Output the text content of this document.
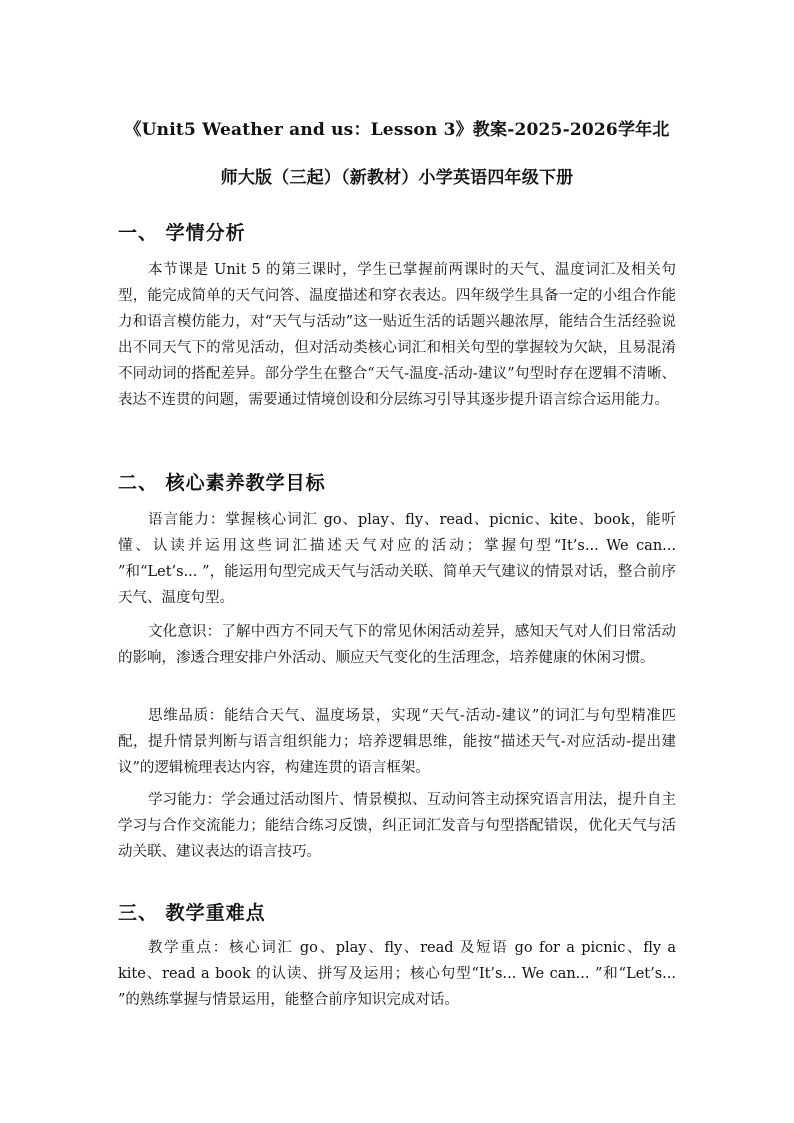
《Unit5 Weather and us：Lesson 3》教案-2025-2026学年北师大版（三起）（新教材）小学英语四年级下册
一、 学情分析
本节课是 Unit 5 的第三课时，学生已掌握前两课时的天气、温度词汇及相关句型，能完成简单的天气问答、温度描述和穿衣表达。四年级学生具备一定的小组合作能力和语言模仿能力，对“天气与活动”这一贴近生活的话题兴趣浓厚，能结合生活经验说出不同天气下的常见活动，但对活动类核心词汇和相关句型的掌握较为欠缺，且易混淆不同动词的搭配差异。部分学生在整合“天气-温度-活动-建议”句型时存在逻辑不清晰、表达不连贯的问题，需要通过情境创设和分层练习引导其逐步提升语言综合运用能力。
二、 核心素养教学目标
语言能力：掌握核心词汇 go、play、fly、read、picnic、kite、book，能听懂、认读并运用这些词汇描述天气对应的活动；掌握句型“It’s... We can... ”和“Let’s... ”，能运用句型完成天气与活动关联、简单天气建议的情景对话，整合前序天气、温度句型。
文化意识：了解中西方不同天气下的常见休闲活动差异，感知天气对人们日常活动的影响，渗透合理安排户外活动、顺应天气变化的生活理念，培养健康的休闲习惯。
思维品质：能结合天气、温度场景，实现“天气-活动-建议”的词汇与句型精准匹配，提升情景判断与语言组织能力；培养逻辑思维，能按“描述天气-对应活动-提出建议”的逻辑梳理表达内容，构建连贯的语言框架。
学习能力：学会通过活动图片、情景模拟、互动问答主动探究语言用法，提升自主学习与合作交流能力；能结合练习反馈，纠正词汇发音与句型搭配错误，优化天气与活动关联、建议表达的语言技巧。
三、 教学重难点
教学重点：核心词汇 go、play、fly、read 及短语 go for a picnic、fly a kite、read a book 的认读、拼写及运用；核心句型“It’s... We can... ”和“Let’s... ”的熟练掌握与情景运用，能整合前序知识完成对话。
